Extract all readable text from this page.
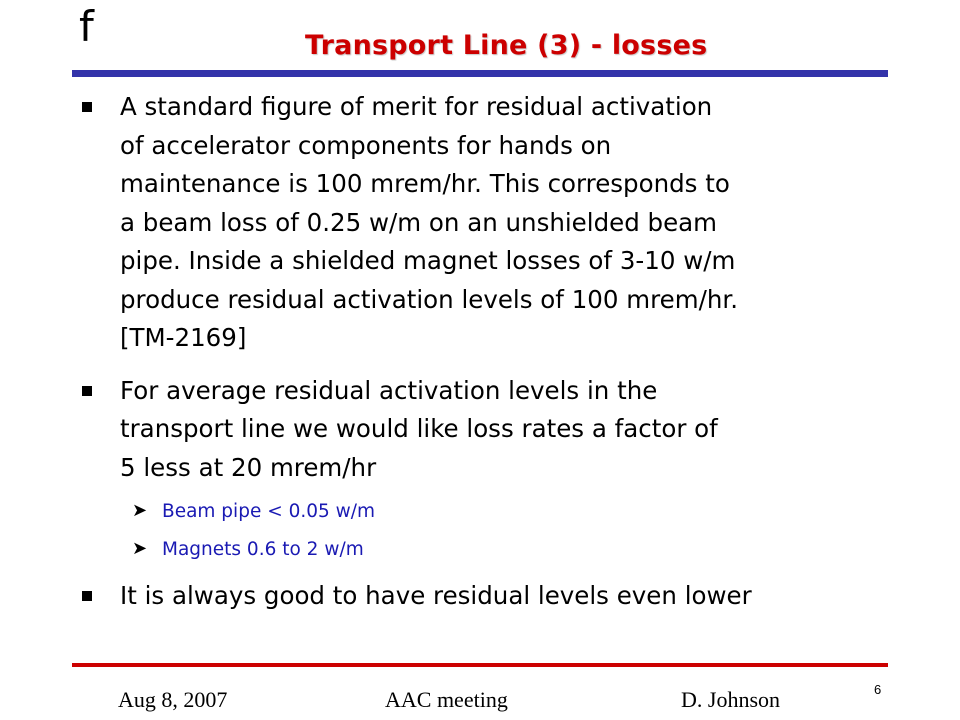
f	Transport Line (3) - losses
A standard figure of merit for residual activation
of accelerator components for hands on
maintenance is 100 mrem/hr. This corresponds to
a beam loss of 0.25 w/m on an unshielded beam
pipe. Inside a shielded magnet losses of 3-10 w/m
produce residual activation levels of 100 mrem/hr.
[TM-2169]
For average residual activation levels in the
transport line we would like loss rates a factor of
5 less at 20 mrem/hr
➤ Beam pipe < 0.05 w/m
➤ Magnets 0.6 to 2 w/m
It is always good to have residual levels even lower
Aug 8, 2007	AAC meeting	D. Johnson	6
